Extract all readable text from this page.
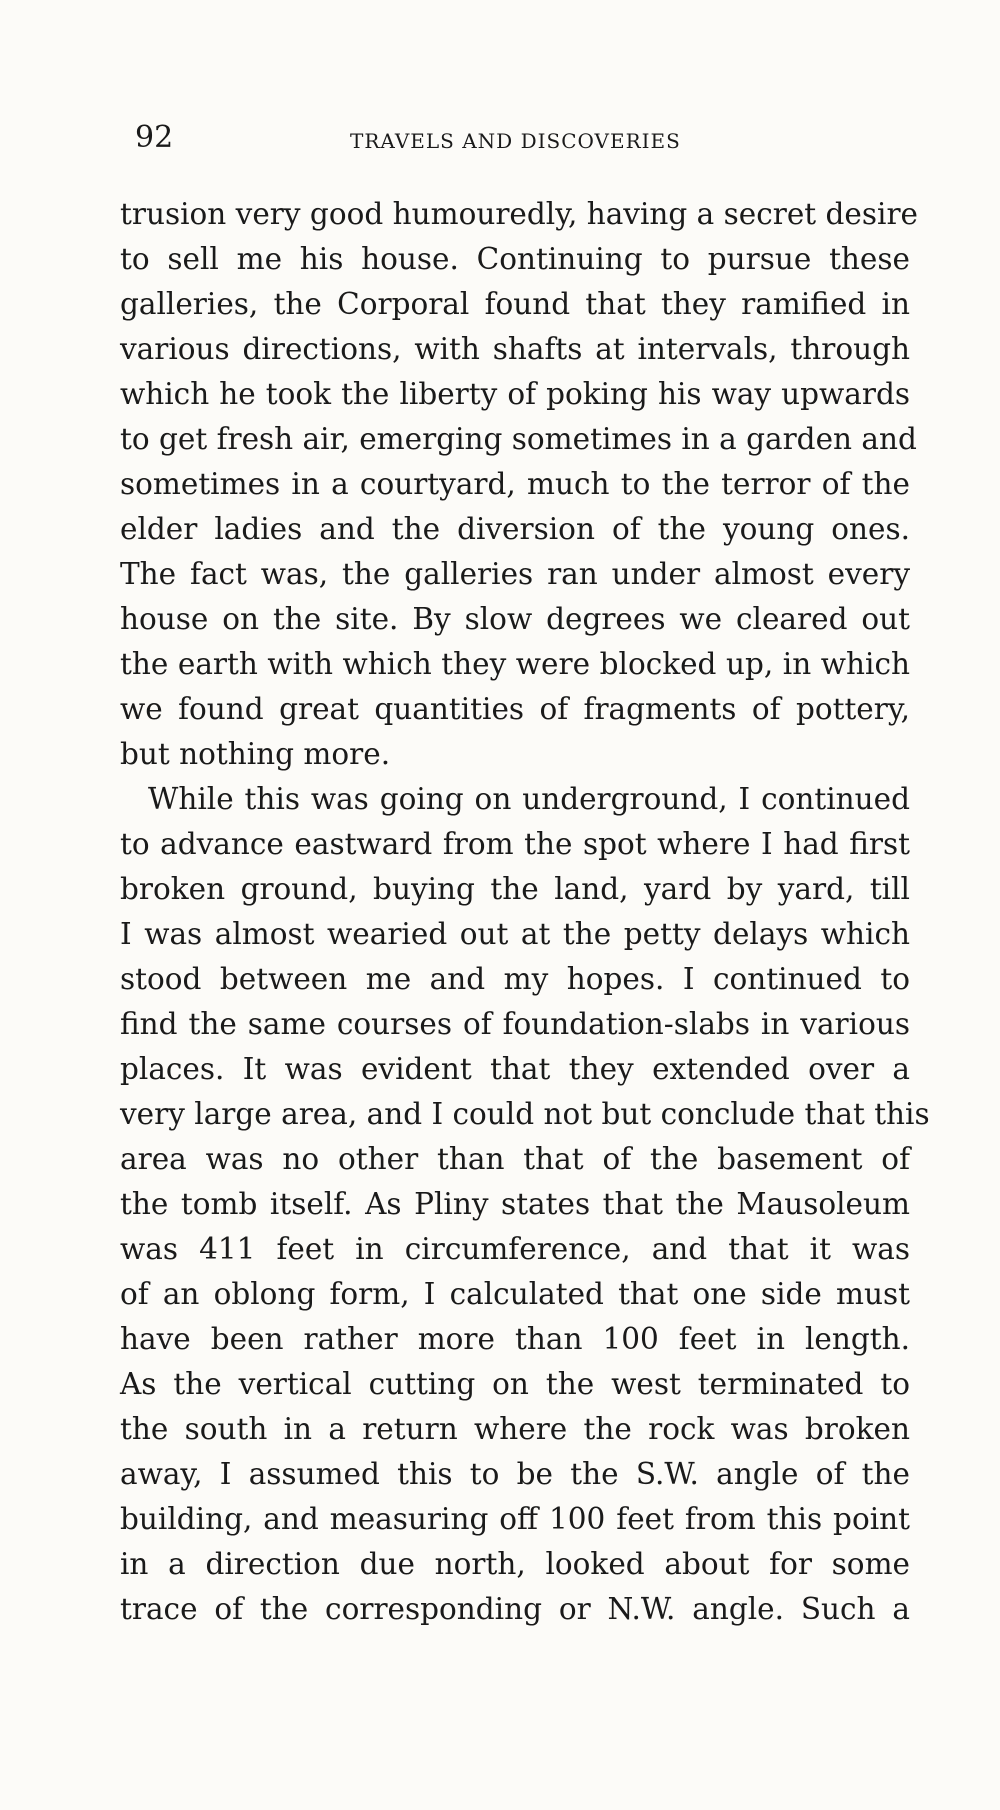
92	TRAVELS AND DISCOVERIES
trusion very good humouredly, having a secret desire
to sell me his house. Continuing to pursue these
galleries, the Corporal found that they ramified in
various directions, with shafts at intervals, through
which he took the liberty of poking his way upwards
to get fresh air, emerging sometimes in a garden and
sometimes in a courtyard, much to the terror of the
elder ladies and the diversion of the young ones.
The fact was, the galleries ran under almost every
house on the site. By slow degrees we cleared out
the earth with which they were blocked up, in which
we found great quantities of fragments of pottery,
but nothing more.
While this was going on underground, I continued
to advance eastward from the spot where I had first
broken ground, buying the land, yard by yard, till
I was almost wearied out at the petty delays which
stood between me and my hopes. I continued to
find the same courses of foundation-slabs in various
places. It was evident that they extended over a
very large area, and I could not but conclude that this
area was no other than that of the basement of
the tomb itself. As Pliny states that the Mausoleum
was 411 feet in circumference, and that it was
of an oblong form, I calculated that one side must
have been rather more than 100 feet in length.
As the vertical cutting on the west terminated to
the south in a return where the rock was broken
away, I assumed this to be the S.W. angle of the
building, and measuring off 100 feet from this point
in a direction due north, looked about for some
trace of the corresponding or N.W. angle. Such a
